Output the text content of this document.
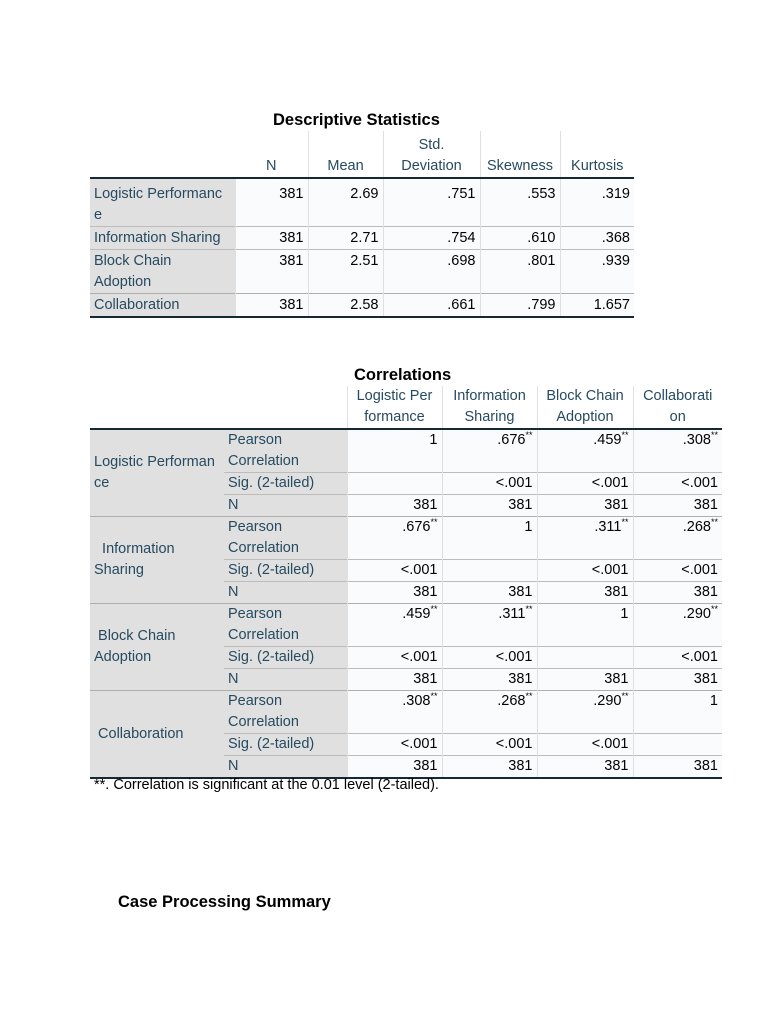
Descriptive Statistics
	N	Mean	Std.
Deviation	Skewness	Kurtosis
Logistic Performanc
e	381	2.69	.751	.553	.319
Information Sharing	381	2.71	.754	.610	.368
Block Chain
Adoption	381	2.51	.698	.801	.939
Collaboration	381	2.58	.661	.799	1.657
Correlations
		Logistic Per
formance	Information
Sharing	Block Chain
Adoption	Collaborati
on
Logistic Performan
ce	Pearson
Correlation	1	.676**	.459**	.308**
	Sig. (2-tailed)		<.001	<.001	<.001
	N	381	381	381	381
Information
Sharing	Pearson
Correlation	.676**	1	.311**	.268**
	Sig. (2-tailed)	<.001		<.001	<.001
	N	381	381	381	381
Block Chain
Adoption	Pearson
Correlation	.459**	.311**	1	.290**
	Sig. (2-tailed)	<.001	<.001		<.001
	N	381	381	381	381
Collaboration	Pearson
Correlation	.308**	.268**	.290**	1
	Sig. (2-tailed)	<.001	<.001	<.001	
	N	381	381	381	381
**. Correlation is significant at the 0.01 level (2-tailed).
Case Processing Summary
